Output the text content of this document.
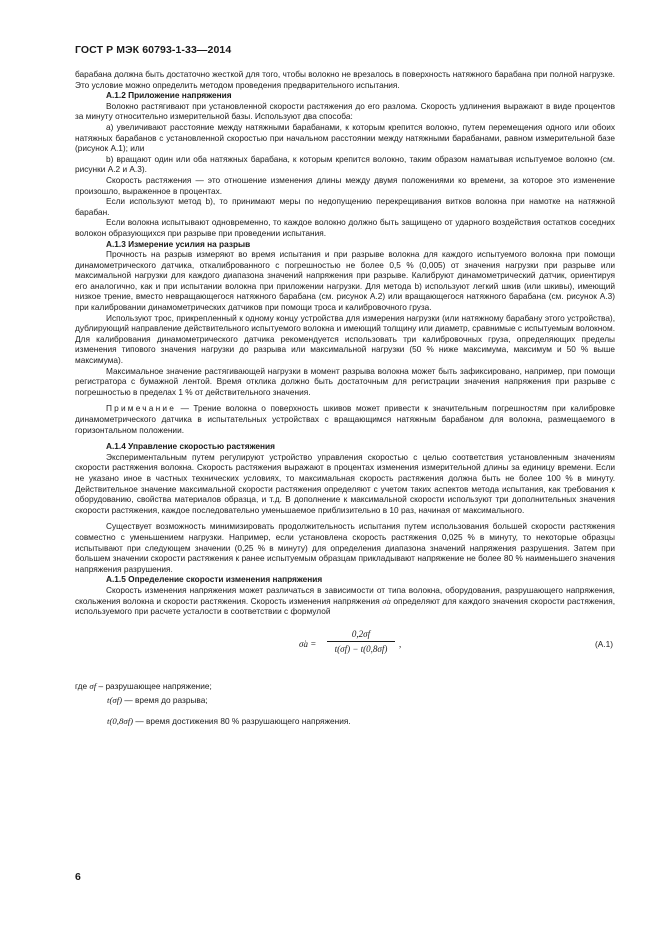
ГОСТ Р МЭК 60793-1-33—2014

барабана должна быть достаточно жесткой для того, чтобы волокно не врезалось в поверхность натяжного барабана при полной нагрузке. Это условие можно определить методом проведения предварительного испытания.

А.1.2 Приложение напряжения

Волокно растягивают при установленной скорости растяжения до его разлома. Скорость удлинения выражают в виде процентов за минуту относительно измерительной базы. Используют два способа:

а) увеличивают расстояние между натяжными барабанами, к которым крепится волокно, путем перемещения одного или обоих натяжных барабанов с установленной скоростью при начальном расстоянии между натяжными барабанами, равном измерительной базе (рисунок А.1); или

b) вращают один или оба натяжных барабана, к которым крепится волокно, таким образом наматывая испытуемое волокно (см. рисунки А.2 и А.3).

Скорость растяжения — это отношение изменения длины между двумя положениями ко времени, за которое это изменение произошло, выраженное в процентах.

Если используют метод b), то принимают меры по недопущению перекрещивания витков волокна при намотке на натяжной барабан.

Если волокна испытывают одновременно, то каждое волокно должно быть защищено от ударного воздействия остатков соседних волокон образующихся при разрыве при проведении испытания.

А.1.3 Измерение усилия на разрыв

Прочность на разрыв измеряют во время испытания и при разрыве волокна для каждого испытуемого волокна при помощи динамометрического датчика, откалиброванного с погрешностью не более 0,5 % (0,005) от значения нагрузки при разрыве или максимальной нагрузки для каждого диапазона значений напряжения при разрыве. Калибруют динамометрический датчик, ориентируя его аналогично, как и при испытании волокна при приложении нагрузки. Для метода b) используют легкий шкив (или шкивы), имеющий низкое трение, вместо невращающегося натяжного барабана (см. рисунок А.2) или вращающегося натяжного барабана (см. рисунок А.3) при калибровании динамометрических датчиков при помощи троса и калибровочного груза.

Используют трос, прикрепленный к одному концу устройства для измерения нагрузки (или натяжному барабану этого устройства), дублирующий направление действительного испытуемого волокна и имеющий толщину или диаметр, сравнимые с испытуемым волокном. Для калибрования динамометрического датчика рекомендуется использовать три калибровочных груза, определяющих пределы изменения типового значения нагрузки до разрыва или максимальной нагрузки (50 % ниже максимума, максимум и 50 % выше максимума).

Максимальное значение растягивающей нагрузки в момент разрыва волокна может быть зафиксировано, например, при помощи регистратора с бумажной лентой. Время отклика должно быть достаточным для регистрации значения напряжения при разрыве с погрешностью в пределах 1 % от действительного значения.

Примечание — Трение волокна о поверхность шкивов может привести к значительным погрешностям при калибровке динамометрического датчика в испытательных устройствах с вращающимся натяжным барабаном для волокна, размещаемого в горизонтальном положении.

А.1.4 Управление скоростью растяжения

Экспериментальным путем регулируют устройство управления скоростью с целью соответствия установленным значениям скорости растяжения волокна. Скорость растяжения выражают в процентах изменения измерительной длины за единицу времени. Если не указано иное в частных технических условиях, то максимальная скорость растяжения должна быть не более 100 % в минуту. Действительное значение максимальной скорости растяжения определяют с учетом таких аспектов метода испытания, как требования к оборудованию, свойства материалов образца, и т.д. В дополнение к максимальной скорости используют три дополнительных значения скорости растяжения, каждое последовательно уменьшаемое приблизительно в 10 раз, начиная от максимального.

Существует возможность минимизировать продолжительность испытания путем использования большей скорости растяжения совместно с уменьшением нагрузки. Например, если установлена скорость растяжения 0,025 % в минуту, то некоторые образцы испытывают при следующем значении (0,25 % в минуту) для определения диапазона значений напряжения разрушения. Затем при большем значении скорости растяжения к ранее испытуемым образцам прикладывают напряжение не более 80 % наименьшего значения напряжения разрушения.

А.1.5 Определение скорости изменения напряжения

Скорость изменения напряжения может различаться в зависимости от типа волокна, оборудования, разрушающего напряжения, скольжения волокна и скорости растяжения. Скорость изменения напряжения σ̇a определяют для каждого значения скорости растяжения, используемого при расчете усталости в соответствии с формулой

σ̇a = $\frac{0,2\sigma f}{t(\sigma f) - t(0,8\sigma f)}$ ,	(А.1)

где σf – разрушающее напряжение;

t(σf) — время до разрыва;

t(0,8σf) — время достижения 80 % разрушающего напряжения.

6
